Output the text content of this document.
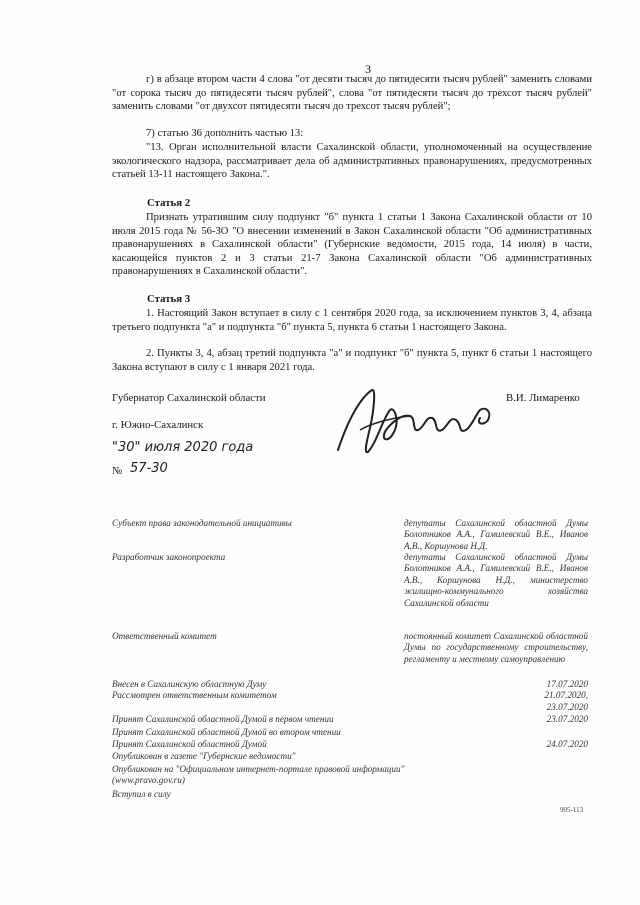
3
г) в абзаце втором части 4 слова "от десяти тысяч до пятидесяти тысяч рублей" заменить словами "от сорока тысяч до пятидесяти тысяч рублей", слова "от пятидесяти тысяч до трехсот тысяч рублей" заменить словами "от двухсот пятидесяти тысяч до трехсот тысяч рублей";
7) статью 36 дополнить частью 13:
"13. Орган исполнительной власти Сахалинской области, уполномоченный на осуществление экологического надзора, рассматривает дела об административных правонарушениях, предусмотренных статьей 13-11 настоящего Закона.".
Статья 2
Признать утратившим силу подпункт "б" пункта 1 статьи 1 Закона Сахалинской области от 10 июля 2015 года № 56-ЗО "О внесении изменений в Закон Сахалинской области "Об административных правонарушениях в Сахалинской области" (Губернские ведомости, 2015 года, 14 июля) в части, касающейся пунктов 2 и 3 статьи 21-7 Закона Сахалинской области "Об административных правонарушениях в Сахалинской области".
Статья 3
1. Настоящий Закон вступает в силу с 1 сентября 2020 года, за исключением пунктов 3, 4, абзаца третьего подпункта "а" и подпункта "б" пункта 5, пункта 6 статьи 1 настоящего Закона.
2. Пункты 3, 4, абзац третий подпункта "а" и подпункт "б" пункта 5, пункт 6 статьи 1 настоящего Закона вступают в силу с 1 января 2021 года.
Губернатор Сахалинской области	В.И. Лимаренко
г. Южно-Сахалинск
"30" июля 2020 года
№ 57-30
Субъект права законодательной инициативы	депутаты Сахалинской областной Думы Болотников А.А., Гамилевский В.Е., Иванов А.В., Коршунова Н.Д.
Разработчик законопроекта	депутаты Сахалинской областной Думы Болотников А.А., Гамилевский В.Е., Иванов А.В., Коршунова Н.Д., министерство жилищно-коммунального хозяйства Сахалинской области
Ответственный комитет	постоянный комитет Сахалинской областной Думы по государственному строительству, регламенту и местному самоуправлению
Внесен в Сахалинскую областную Думу	17.07.2020
Рассмотрен ответственным комитетом	21.07.2020,
23.07.2020
Принят Сахалинской областной Думой в первом чтении	23.07.2020
Принят Сахалинской областной Думой во втором чтении
Принят Сахалинской областной Думой	24.07.2020
Опубликован в газете "Губернские ведомости"
Опубликован на "Официальном интернет-портале правовой информации" (www.pravo.gov.ru)
Вступил в силу
905-113
